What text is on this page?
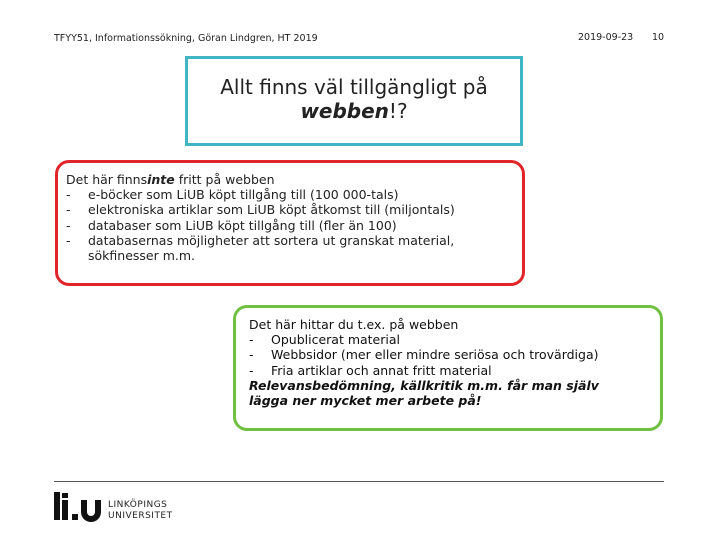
TFYY51, Informationssökning, Göran Lindgren, HT 2019	2019-09-23 10
Allt finns väl tillgängligt på
webben!?
Det här finns inte fritt på webben
-	e-böcker som LiUB köpt tillgång till (100 000-tals)
-	elektroniska artiklar som LiUB köpt åtkomst till (miljontals)
-	databaser som LiUB köpt tillgång till (fler än 100)
-	databasernas möjligheter att sortera ut granskat material,
sökfinesser m.m.
Det här hittar du t.ex. på webben
-	Opublicerat material
-	Webbsidor (mer eller mindre seriösa och trovärdiga)
-	Fria artiklar och annat fritt material
Relevansbedömning, källkritik m.m. får man själv
lägga ner mycket mer arbete på!
LINKÖPINGS
UNIVERSITET
